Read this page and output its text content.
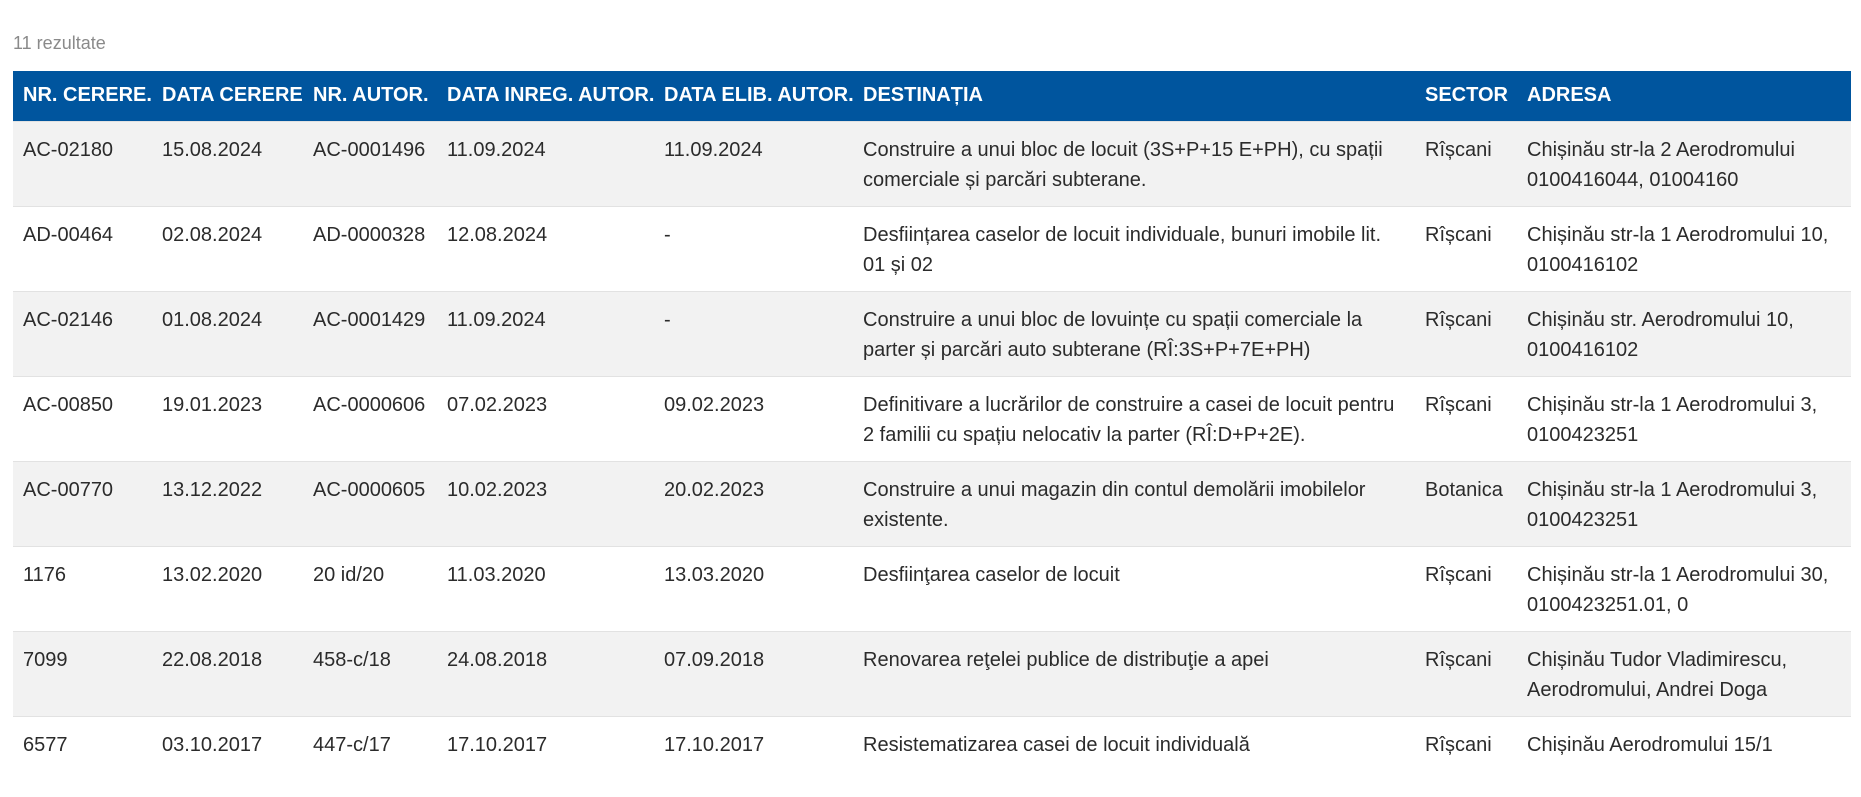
11 rezultate
NR. CERERE.	DATA CERERE	NR. AUTOR.	DATA INREG. AUTOR.	DATA ELIB. AUTOR.	DESTINAȚIA	SECTOR	ADRESA
AC-02180	15.08.2024	AC-0001496	11.09.2024	11.09.2024	Construire a unui bloc de locuit (3S+P+15 E+PH), cu spații comerciale și parcări subterane.	Rîșcani	Chișinău str-la 2 Aerodromului 0100416044, 01004160
AD-00464	02.08.2024	AD-0000328	12.08.2024	-	Desființarea caselor de locuit individuale, bunuri imobile lit. 01 și 02	Rîșcani	Chișinău str-la 1 Aerodromului 10, 0100416102
AC-02146	01.08.2024	AC-0001429	11.09.2024	-	Construire a unui bloc de lovuințe cu spații comerciale la parter și parcări auto subterane (RÎ:3S+P+7E+PH)	Rîșcani	Chișinău str. Aerodromului 10, 0100416102
AC-00850	19.01.2023	AC-0000606	07.02.2023	09.02.2023	Definitivare a lucrărilor de construire a casei de locuit pentru 2 familii cu spațiu nelocativ la parter (RÎ:D+P+2E).	Rîșcani	Chișinău str-la 1 Aerodromului 3, 0100423251
AC-00770	13.12.2022	AC-0000605	10.02.2023	20.02.2023	Construire a unui magazin din contul demolării imobilelor existente.	Botanica	Chișinău str-la 1 Aerodromului 3, 0100423251
1176	13.02.2020	20 id/20	11.03.2020	13.03.2020	Desfiinţarea caselor de locuit	Rîșcani	Chișinău str-la 1 Aerodromului 30, 0100423251.01, 0
7099	22.08.2018	458-c/18	24.08.2018	07.09.2018	Renovarea reţelei publice de distribuţie a apei	Rîșcani	Chișinău Tudor Vladimirescu, Aerodromului, Andrei Doga
6577	03.10.2017	447-c/17	17.10.2017	17.10.2017	Resistematizarea casei de locuit individuală	Rîșcani	Chișinău Aerodromului 15/1
